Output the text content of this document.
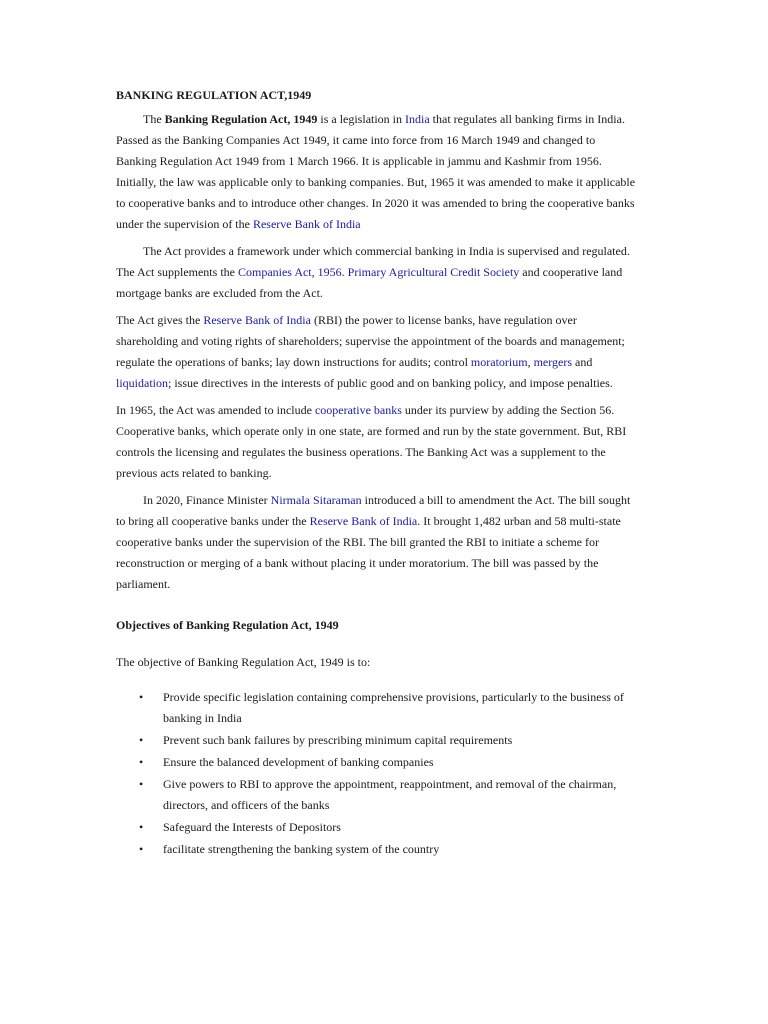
BANKING REGULATION ACT,1949

The Banking Regulation Act, 1949 is a legislation in India that regulates all banking firms in India. Passed as the Banking Companies Act 1949, it came into force from 16 March 1949 and changed to Banking Regulation Act 1949 from 1 March 1966. It is applicable in jammu and Kashmir from 1956. Initially, the law was applicable only to banking companies. But, 1965 it was amended to make it applicable to cooperative banks and to introduce other changes. In 2020 it was amended to bring the cooperative banks under the supervision of the Reserve Bank of India

The Act provides a framework under which commercial banking in India is supervised and regulated. The Act supplements the Companies Act, 1956. Primary Agricultural Credit Society and cooperative land mortgage banks are excluded from the Act.

The Act gives the Reserve Bank of India (RBI) the power to license banks, have regulation over shareholding and voting rights of shareholders; supervise the appointment of the boards and management; regulate the operations of banks; lay down instructions for audits; control moratorium, mergers and liquidation; issue directives in the interests of public good and on banking policy, and impose penalties.

In 1965, the Act was amended to include cooperative banks under its purview by adding the Section 56. Cooperative banks, which operate only in one state, are formed and run by the state government. But, RBI controls the licensing and regulates the business operations. The Banking Act was a supplement to the previous acts related to banking.

In 2020, Finance Minister Nirmala Sitaraman introduced a bill to amendment the Act. The bill sought to bring all cooperative banks under the Reserve Bank of India. It brought 1,482 urban and 58 multi-state cooperative banks under the supervision of the RBI. The bill granted the RBI to initiate a scheme for reconstruction or merging of a bank without placing it under moratorium. The bill was passed by the parliament.

Objectives of Banking Regulation Act, 1949

The objective of Banking Regulation Act, 1949 is to:

• Provide specific legislation containing comprehensive provisions, particularly to the business of banking in India
• Prevent such bank failures by prescribing minimum capital requirements
• Ensure the balanced development of banking companies
• Give powers to RBI to approve the appointment, reappointment, and removal of the chairman, directors, and officers of the banks
• Safeguard the Interests of Depositors
• facilitate strengthening the banking system of the country
